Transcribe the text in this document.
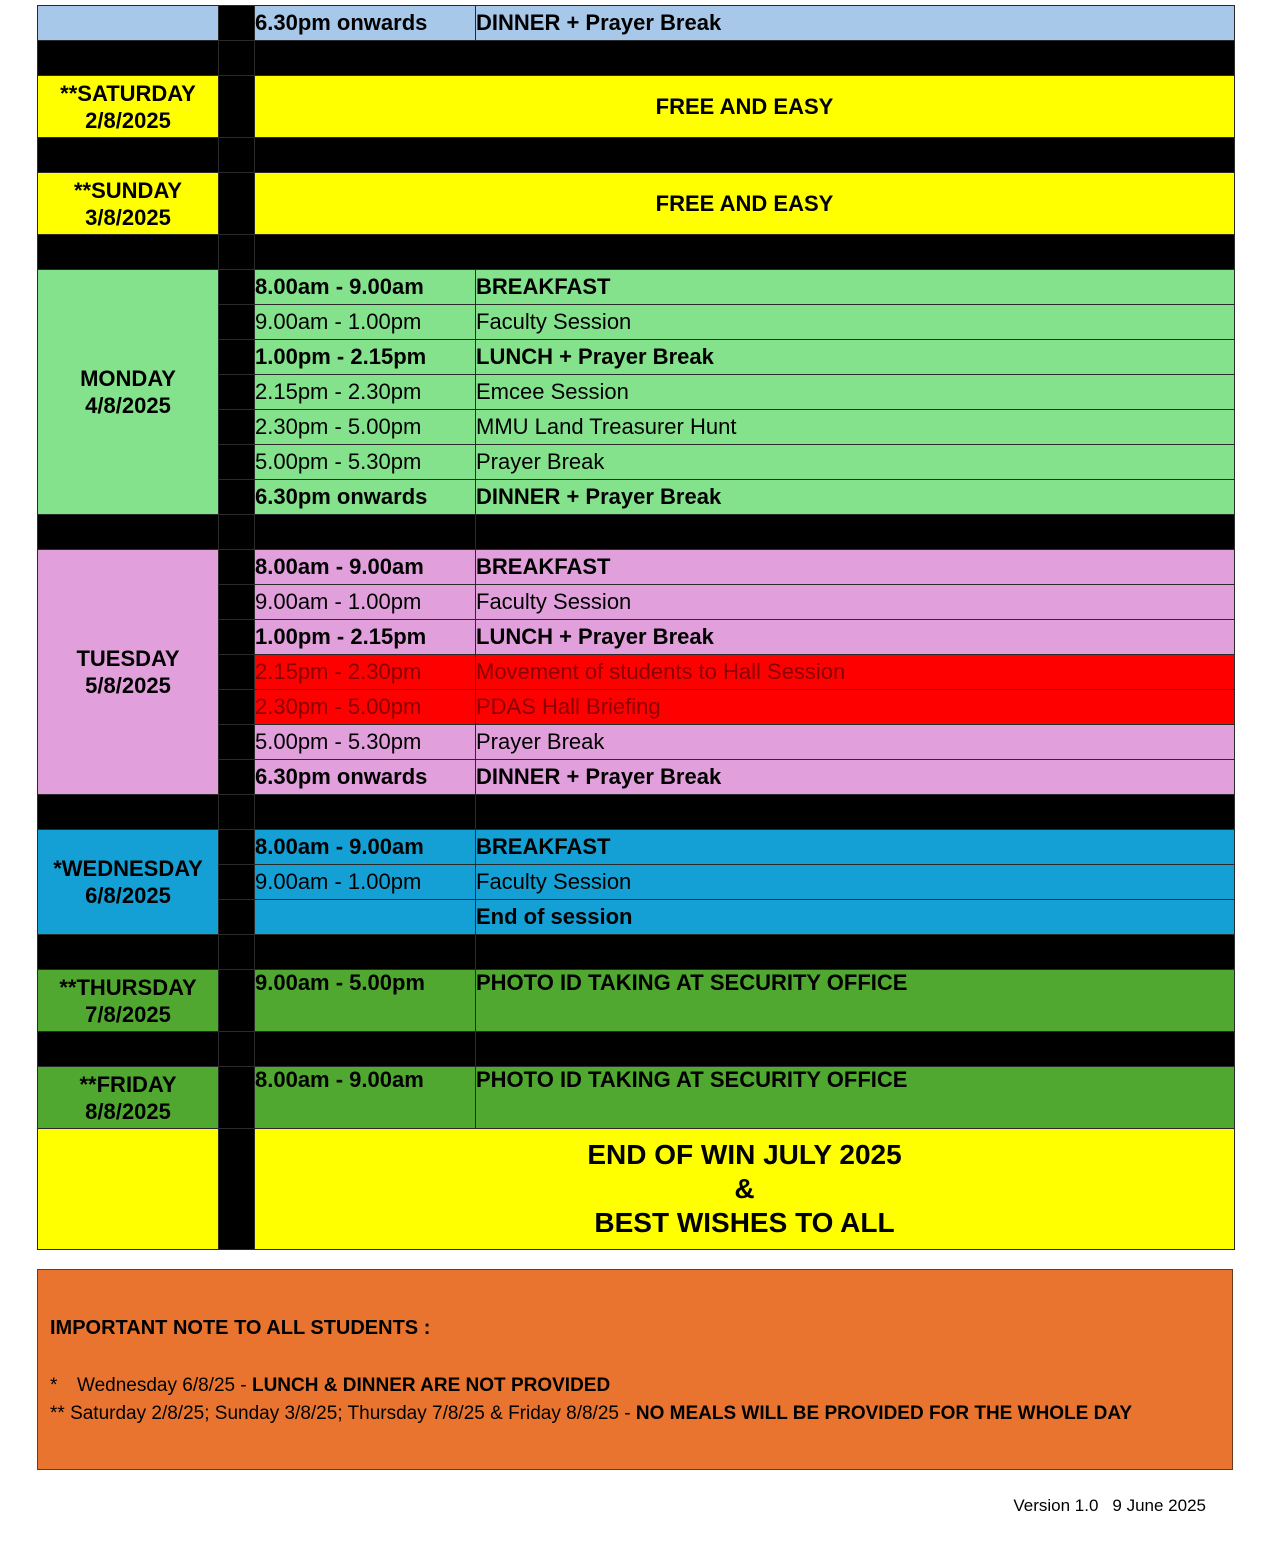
		6.30pm onwards	DINNER + Prayer Break

**SATURDAY
2/8/2025		FREE AND EASY	

**SUNDAY
3/8/2025		FREE AND EASY	

MONDAY
4/8/2025		8.00am - 9.00am	BREAKFAST
		9.00am - 1.00pm	Faculty Session
		1.00pm - 2.15pm	LUNCH + Prayer Break
		2.15pm - 2.30pm	Emcee Session
		2.30pm - 5.00pm	MMU Land Treasurer Hunt
		5.00pm - 5.30pm	Prayer Break
		6.30pm onwards	DINNER + Prayer Break

TUESDAY
5/8/2025		8.00am - 9.00am	BREAKFAST
		9.00am - 1.00pm	Faculty Session
		1.00pm - 2.15pm	LUNCH + Prayer Break
		2.15pm - 2.30pm	Movement of students to Hall Session
		2.30pm - 5.00pm	PDAS Hall Briefing
		5.00pm - 5.30pm	Prayer Break
		6.30pm onwards	DINNER + Prayer Break

*WEDNESDAY
6/8/2025		8.00am - 9.00am	BREAKFAST
		9.00am - 1.00pm	Faculty Session
			End of session

**THURSDAY
7/8/2025		9.00am - 5.00pm	PHOTO ID TAKING AT SECURITY OFFICE

**FRIDAY
8/8/2025		8.00am - 9.00am	PHOTO ID TAKING AT SECURITY OFFICE
		END OF WIN JULY 2025
&
BEST WISHES TO ALL	
IMPORTANT NOTE TO ALL STUDENTS :
* Wednesday 6/8/25 - LUNCH & DINNER ARE NOT PROVIDED
** Saturday 2/8/25; Sunday 3/8/25; Thursday 7/8/25 & Friday 8/8/25 - NO MEALS WILL BE PROVIDED FOR THE WHOLE DAY
Version 1.0 9 June 2025
